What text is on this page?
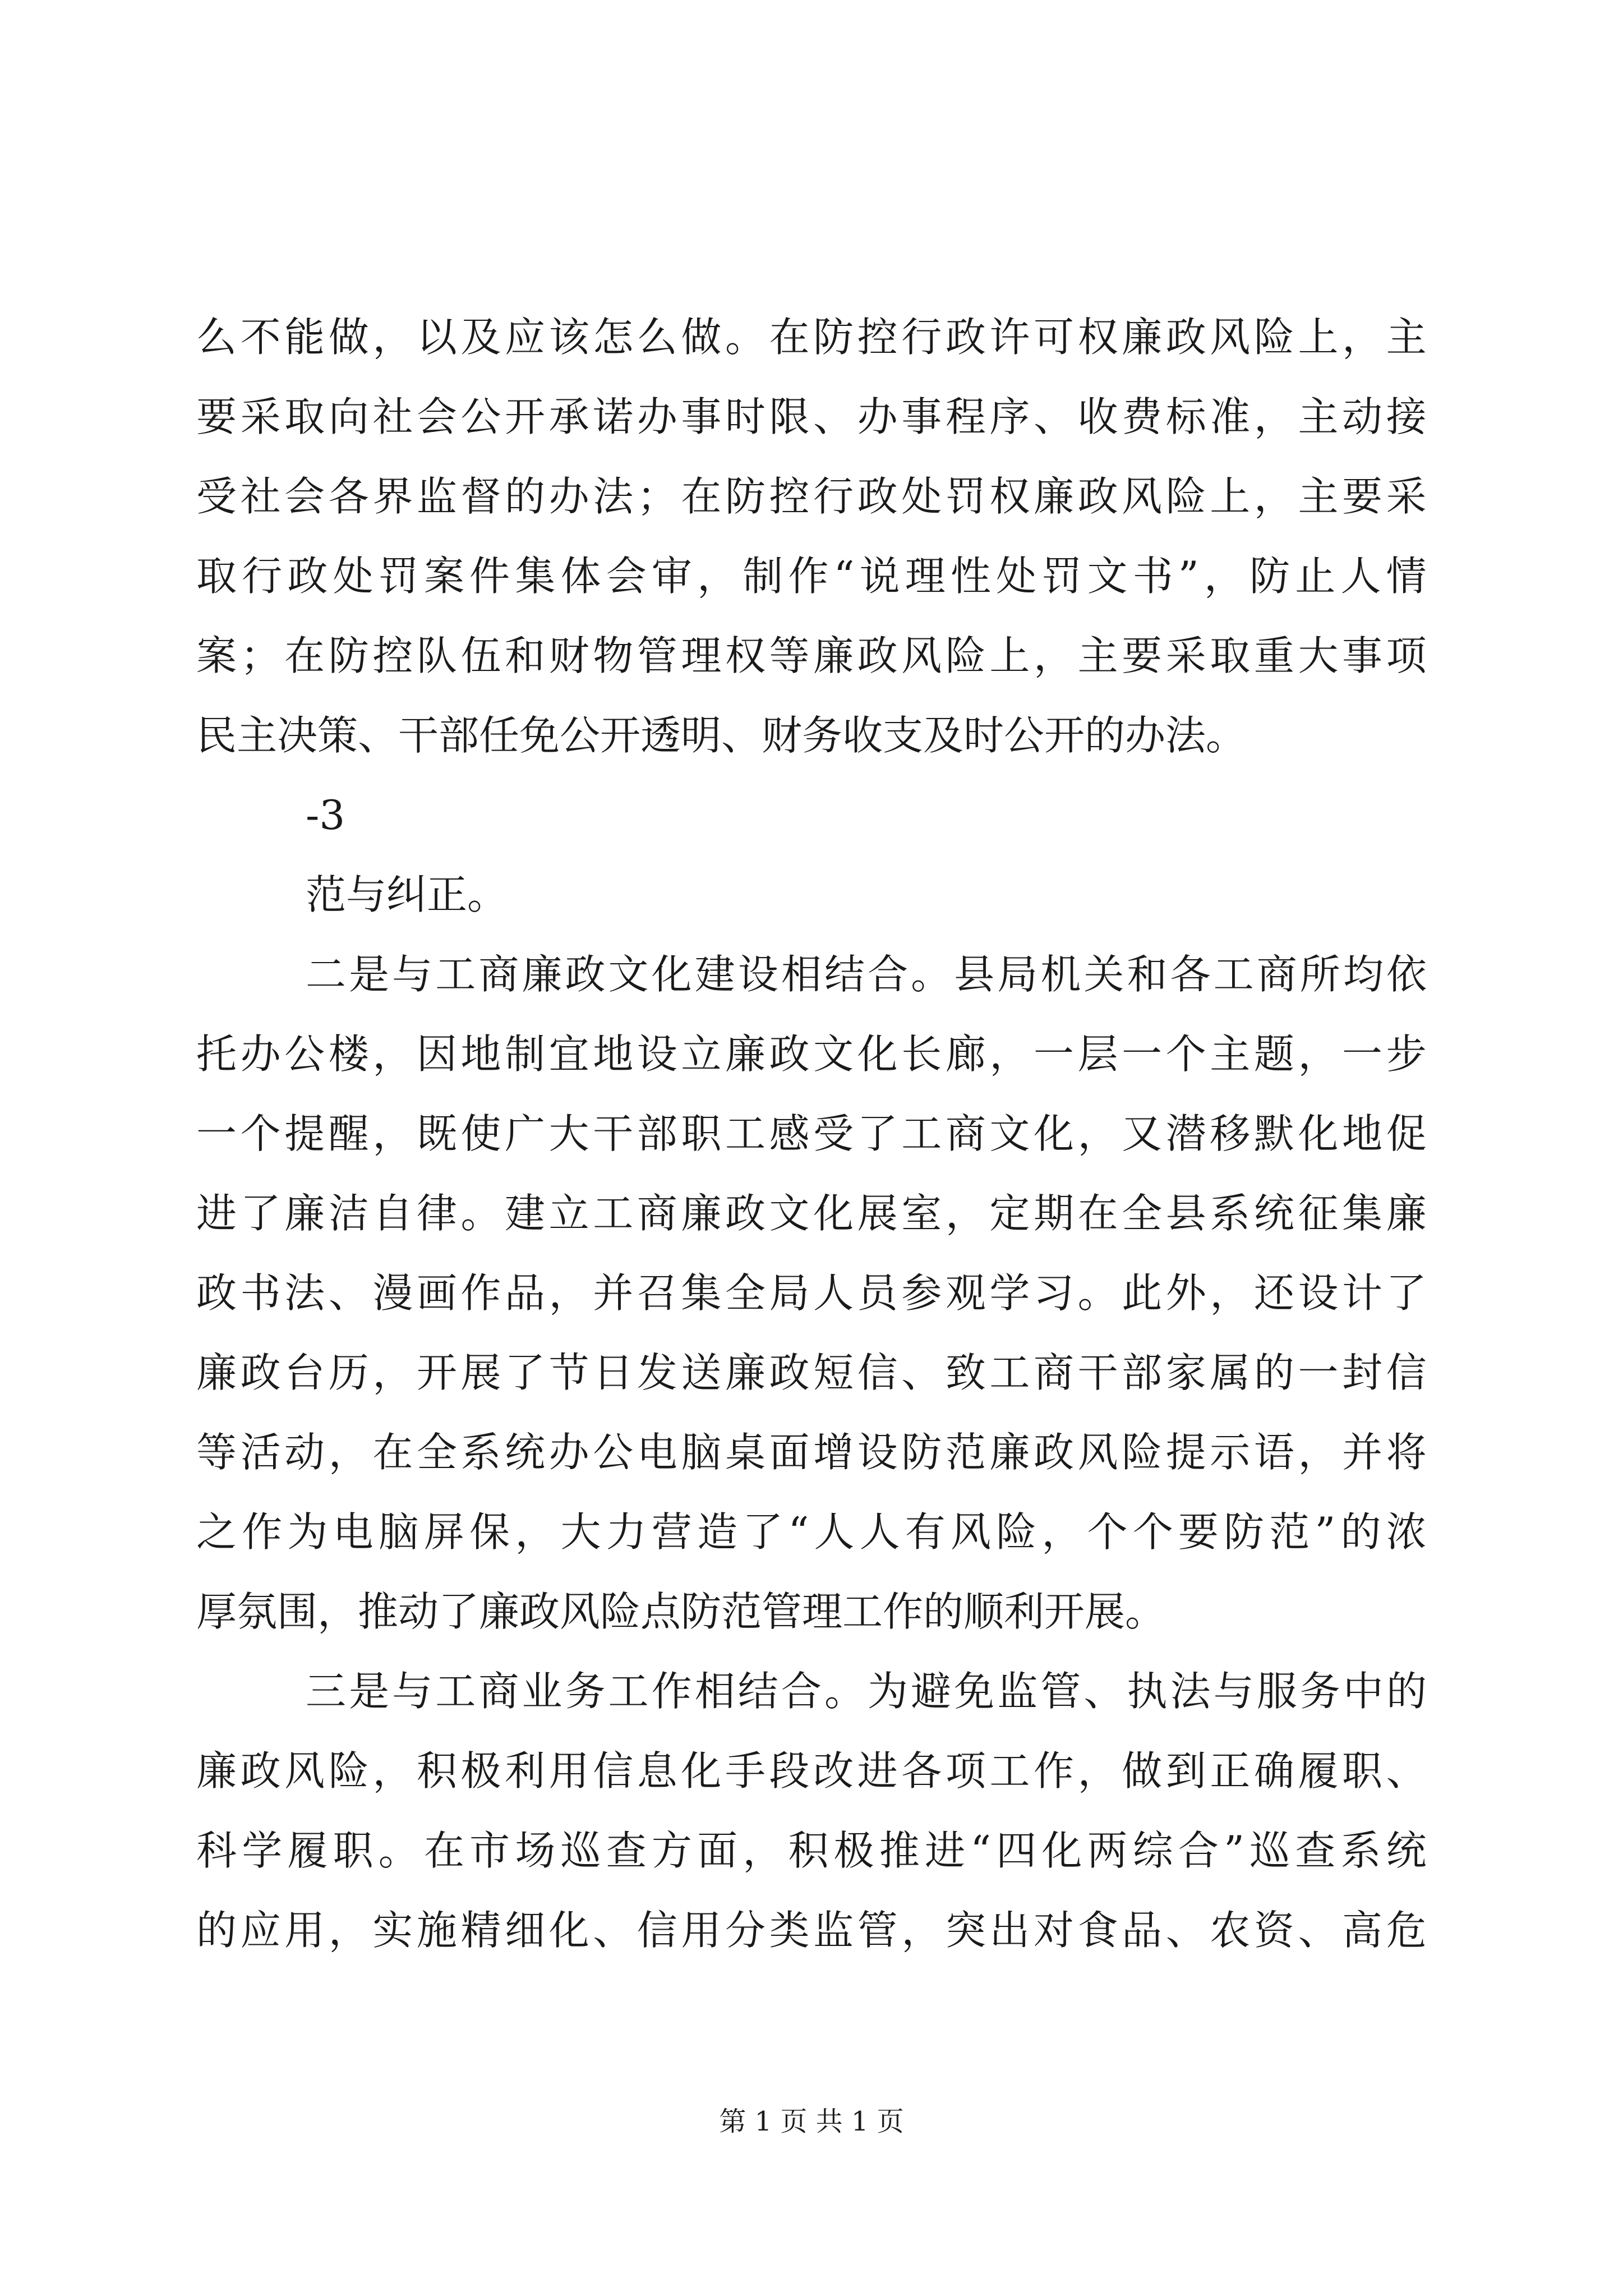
么 不 能 做 ， 以 及 应 该 怎 么 做 。 在 防 控 行 政 许 可 权 廉 政 风 险 上 ， 主
要 采 取 向 社 会 公 开 承 诺 办 事 时 限 、 办 事 程 序 、 收 费 标 准 ， 主 动 接
受 社 会 各 界 监 督 的 办 法 ； 在 防 控 行 政 处 罚 权 廉 政 风 险 上 ， 主 要 采
取 行 政 处 罚 案 件 集 体 会 审 ， 制 作 “ 说 理 性 处 罚 文 书 ” ， 防 止 人 情
案 ； 在 防 控 队 伍 和 财 物 管 理 权 等 廉 政 风 险 上 ， 主 要 采 取 重 大 事 项
民主决策、干部任免公开透明、财务收支及时公开的办法。
-3
范与纠正。
二 是 与 工 商 廉 政 文 化 建 设 相 结 合 。 县 局 机 关 和 各 工 商 所 均 依
托 办 公 楼 ， 因 地 制 宜 地 设 立 廉 政 文 化 长 廊 ， 一 层 一 个 主 题 ， 一 步
一 个 提 醒 ， 既 使 广 大 干 部 职 工 感 受 了 工 商 文 化 ， 又 潜 移 默 化 地 促
进 了 廉 洁 自 律 。 建 立 工 商 廉 政 文 化 展 室 ， 定 期 在 全 县 系 统 征 集 廉
政 书 法 、 漫 画 作 品 ， 并 召 集 全 局 人 员 参 观 学 习 。 此 外 ， 还 设 计 了
廉 政 台 历 ， 开 展 了 节 日 发 送 廉 政 短 信 、 致 工 商 干 部 家 属 的 一 封 信
等 活 动 ， 在 全 系 统 办 公 电 脑 桌 面 增 设 防 范 廉 政 风 险 提 示 语 ， 并 将
之 作 为 电 脑 屏 保 ， 大 力 营 造 了 “ 人 人 有 风 险 ， 个 个 要 防 范 ” 的 浓
厚氛围，推动了廉政风险点防范管理工作的顺利开展。
三 是 与 工 商 业 务 工 作 相 结 合 。 为 避 免 监 管 、 执 法 与 服 务 中 的
廉 政 风 险 ， 积 极 利 用 信 息 化 手 段 改 进 各 项 工 作 ， 做 到 正 确 履 职 、
科 学 履 职 。 在 市 场 巡 查 方 面 ， 积 极 推 进 “ 四 化 两 综 合 ” 巡 查 系 统
的 应 用 ， 实 施 精 细 化 、 信 用 分 类 监 管 ， 突 出 对 食 品 、 农 资 、 高 危
第 1 页 共 1 页
